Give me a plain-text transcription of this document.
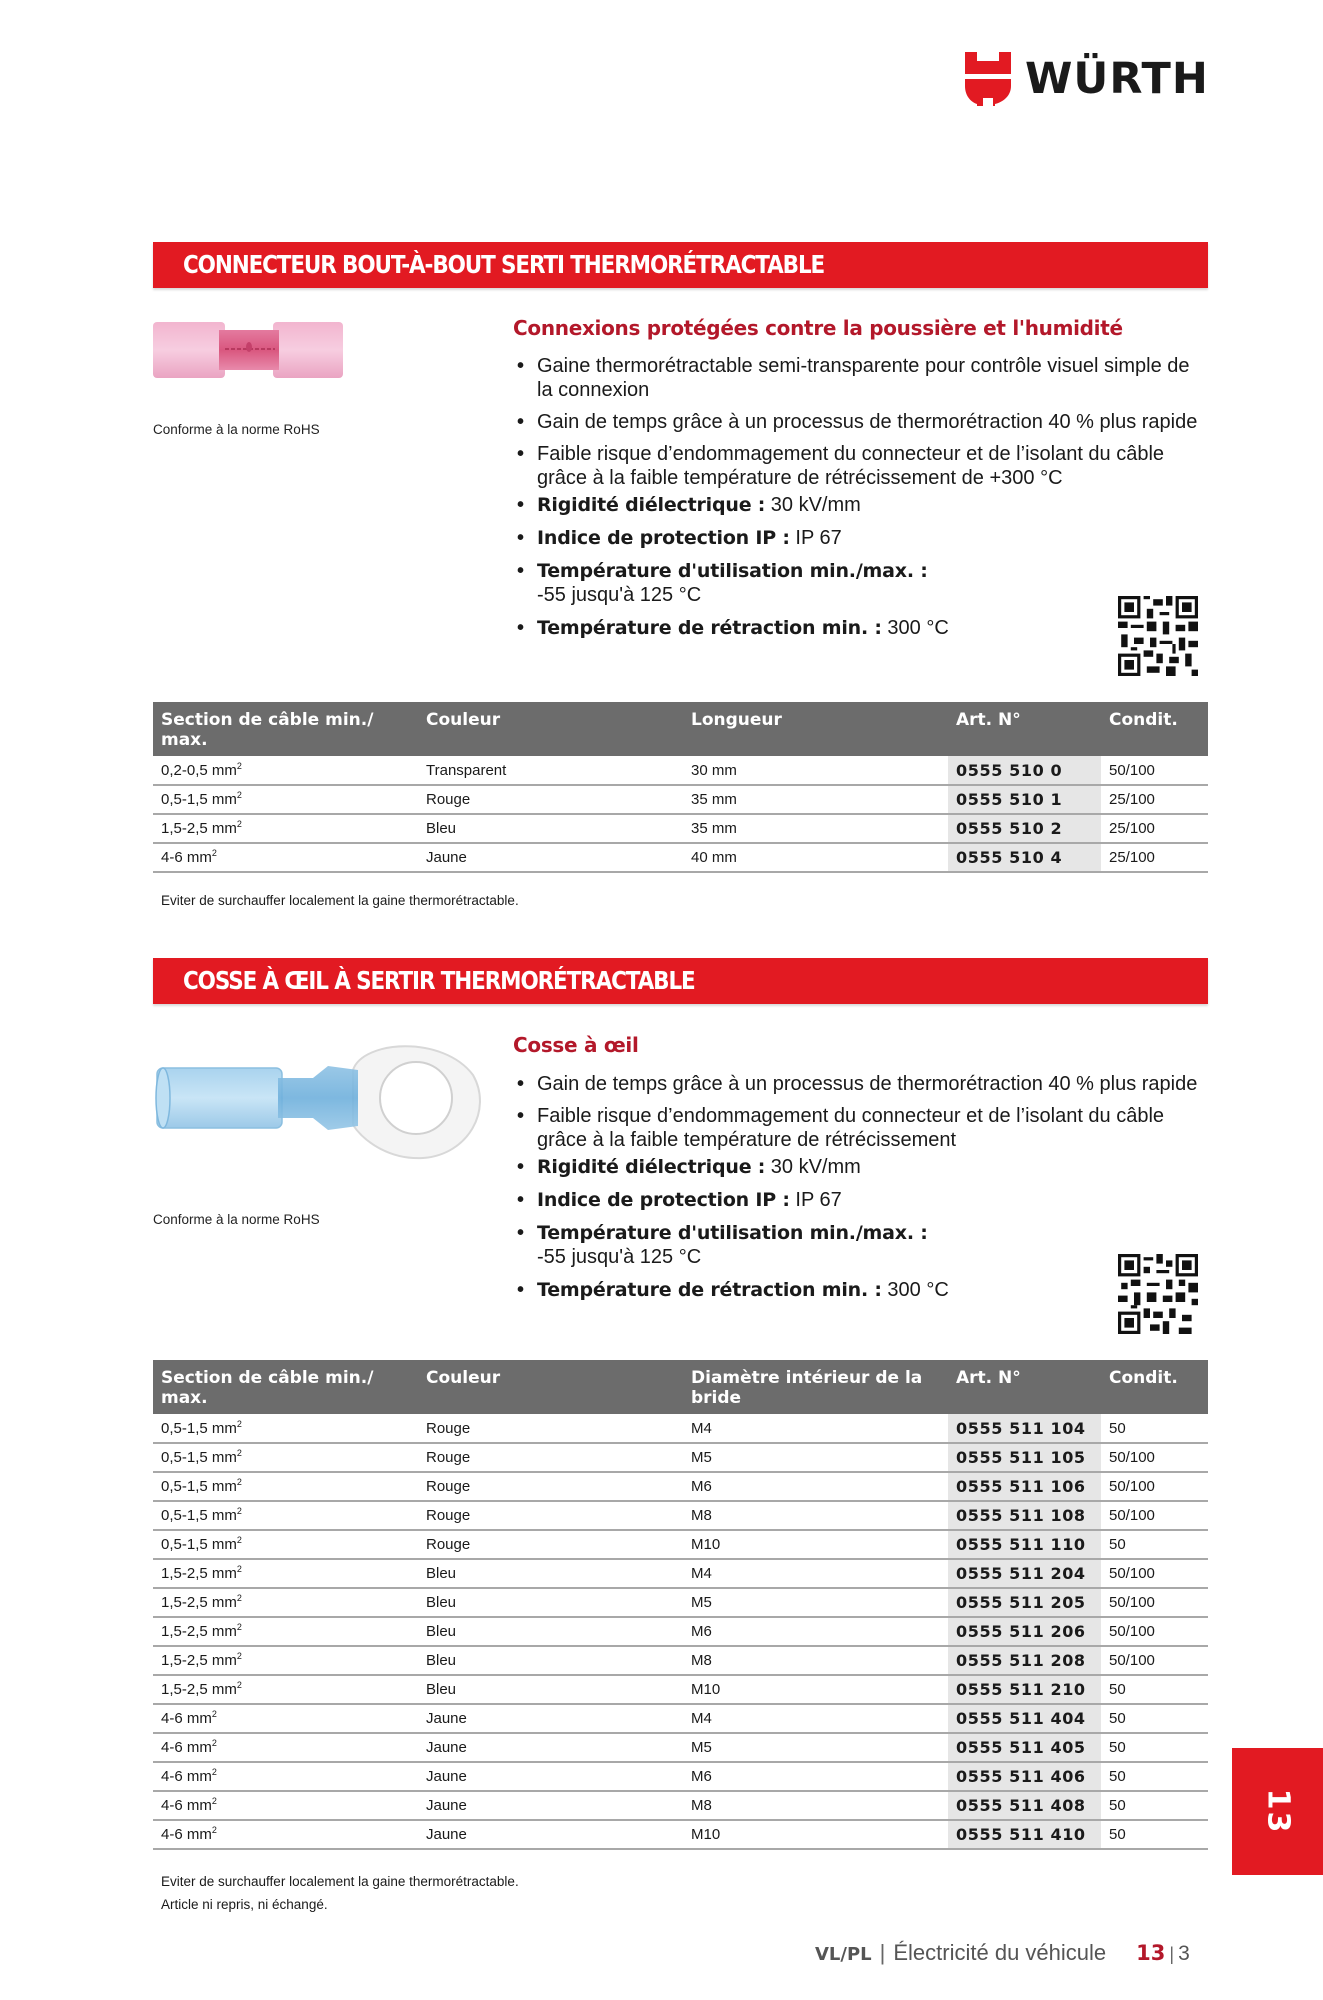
WÜRTH
CONNECTEUR BOUT-À-BOUT SERTI THERMORÉTRACTABLE
Conforme à la norme RoHS
Connexions protégées contre la poussière et l'humidité
• Gaine thermorétractable semi-transparente pour contrôle visuel simple de la connexion
• Gain de temps grâce à un processus de thermorétraction 40 % plus rapide
• Faible risque d’endommagement du connecteur et de l’isolant du câble grâce à la faible température de rétrécissement de +300 °C
• Rigidité diélectrique : 30 kV/mm
• Indice de protection IP : IP 67
• Température d'utilisation min./max. :
-55 jusqu'à 125 °C
• Température de rétraction min. : 300 °C
Section de câble min./ max.	Couleur	Longueur	Art. N°	Condit.
0,2-0,5 $mm^2$	Transparent	30 mm	0555 510 0	50/100
0,5-1,5 $mm^2$	Rouge	35 mm	0555 510 1	25/100
1,5-2,5 $mm^2$	Bleu	35 mm	0555 510 2	25/100
4-6 $mm^2$	Jaune	40 mm	0555 510 4	25/100
Eviter de surchauffer localement la gaine thermorétractable.
COSSE À ŒIL À SERTIR THERMORÉTRACTABLE
Conforme à la norme RoHS
Cosse à œil
• Gain de temps grâce à un processus de thermorétraction 40 % plus rapide
• Faible risque d’endommagement du connecteur et de l’isolant du câble grâce à la faible température de rétrécissement
• Rigidité diélectrique : 30 kV/mm
• Indice de protection IP : IP 67
• Température d'utilisation min./max. :
-55 jusqu'à 125 °C
• Température de rétraction min. : 300 °C
Section de câble min./ max.	Couleur	Diamètre intérieur de la bride	Art. N°	Condit.
0,5-1,5 $mm^2$	Rouge	M4	0555 511 104	50
0,5-1,5 $mm^2$	Rouge	M5	0555 511 105	50/100
0,5-1,5 $mm^2$	Rouge	M6	0555 511 106	50/100
0,5-1,5 $mm^2$	Rouge	M8	0555 511 108	50/100
0,5-1,5 $mm^2$	Rouge	M10	0555 511 110	50
1,5-2,5 $mm^2$	Bleu	M4	0555 511 204	50/100
1,5-2,5 $mm^2$	Bleu	M5	0555 511 205	50/100
1,5-2,5 $mm^2$	Bleu	M6	0555 511 206	50/100
1,5-2,5 $mm^2$	Bleu	M8	0555 511 208	50/100
1,5-2,5 $mm^2$	Bleu	M10	0555 511 210	50
4-6 $mm^2$	Jaune	M4	0555 511 404	50
4-6 $mm^2$	Jaune	M5	0555 511 405	50
4-6 $mm^2$	Jaune	M6	0555 511 406	50
4-6 $mm^2$	Jaune	M8	0555 511 408	50
4-6 $mm^2$	Jaune	M10	0555 511 410	50
Eviter de surchauffer localement la gaine thermorétractable.
Article ni repris, ni échangé.
VL/PL | Électricité du véhicule 13 | 3
13
